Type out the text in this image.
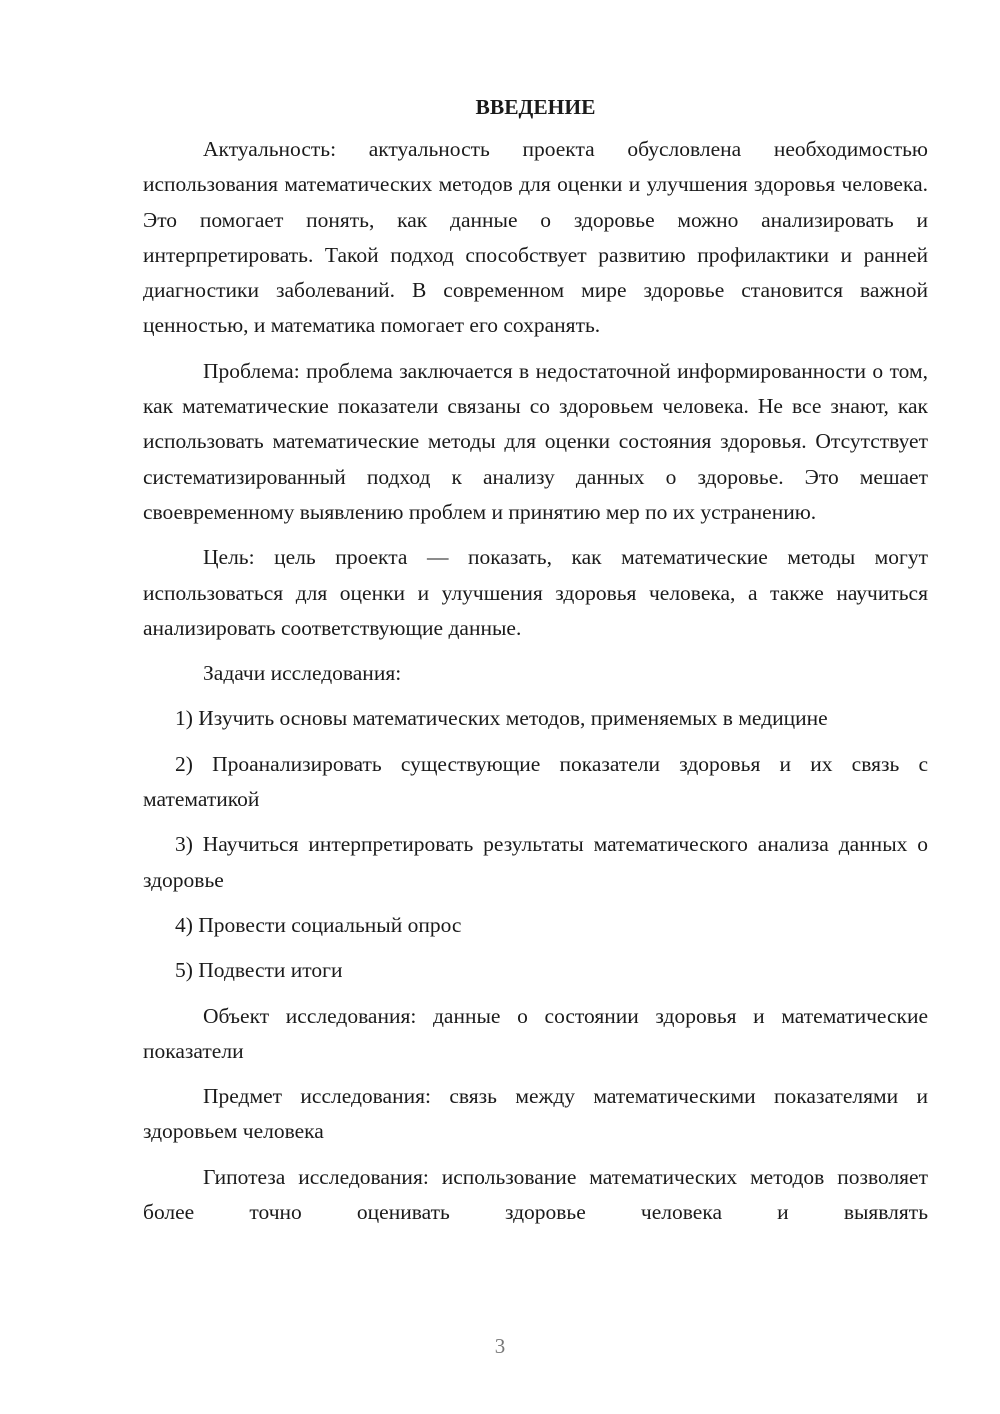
ВВЕДЕНИЕ

Актуальность: актуальность проекта обусловлена необходимостью использования математических методов для оценки и улучшения здоровья человека. Это помогает понять, как данные о здоровье можно анализировать и интерпретировать. Такой подход способствует развитию профилактики и ранней диагностики заболеваний. В современном мире здоровье становится важной ценностью, и математика помогает его сохранять.

Проблема: проблема заключается в недостаточной информированности о том, как математические показатели связаны со здоровьем человека. Не все знают, как использовать математические методы для оценки состояния здоровья. Отсутствует систематизированный подход к анализу данных о здоровье. Это мешает своевременному выявлению проблем и принятию мер по их устранению.

Цель: цель проекта — показать, как математические методы могут использоваться для оценки и улучшения здоровья человека, а также научиться анализировать соответствующие данные.

Задачи исследования:

1) Изучить основы математических методов, применяемых в медицине

2) Проанализировать существующие показатели здоровья и их связь с математикой

3) Научиться интерпретировать результаты математического анализа данных о здоровье

4) Провести социальный опрос

5) Подвести итоги

Объект исследования: данные о состоянии здоровья и математические показатели

Предмет исследования: связь между математическими показателями и здоровьем человека

Гипотеза исследования: использование математических методов позволяет более точно оценивать здоровье человека и выявлять

3
